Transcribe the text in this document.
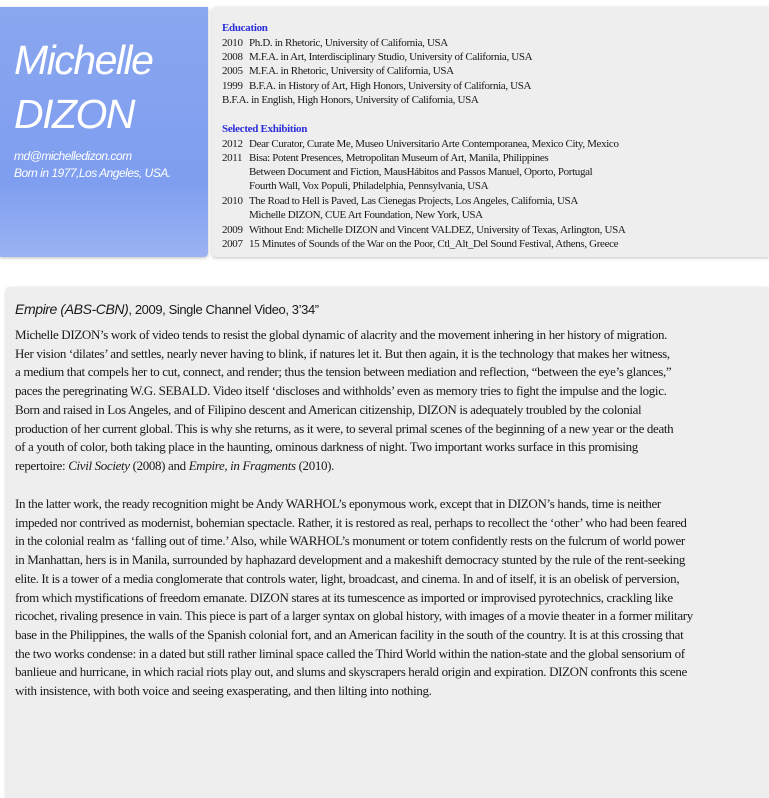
Michelle
DIZON
md@michelledizon.com
Born in 1977,Los Angeles, USA.
Education
2010 Ph.D. in Rhetoric, University of California, USA
2008 M.F.A. in Art, Interdisciplinary Studio, University of California, USA
2005 M.F.A. in Rhetoric, University of California, USA
1999 B.F.A. in History of Art, High Honors, University of California, USA
B.F.A. in English, High Honors, University of California, USA
Selected Exhibition
2012 Dear Curator, Curate Me, Museo Universitario Arte Contemporanea, Mexico City, Mexico
2011 Bisa: Potent Presences, Metropolitan Museum of Art, Manila, Philippines
Between Document and Fiction, MausHábitos and Passos Manuel, Oporto, Portugal
Fourth Wall, Vox Populi, Philadelphia, Pennsylvania, USA
2010 The Road to Hell is Paved, Las Cienegas Projects, Los Angeles, California, USA
Michelle DIZON, CUE Art Foundation, New York, USA
2009 Without End: Michelle DIZON and Vincent VALDEZ, University of Texas, Arlington, USA
2007 15 Minutes of Sounds of the War on the Poor, Ctl_Alt_Del Sound Festival, Athens, Greece
Empire (ABS-CBN), 2009, Single Channel Video, 3’34”

Michelle DIZON’s work of video tends to resist the global dynamic of alacrity and the movement inhering in her history of migration.
Her vision ‘dilates’ and settles, nearly never having to blink, if natures let it. But then again, it is the technology that makes her witness,
a medium that compels her to cut, connect, and render; thus the tension between mediation and reflection, “between the eye’s glances,”
paces the peregrinating W.G. SEBALD. Video itself ‘discloses and withholds’ even as memory tries to fight the impulse and the logic.
Born and raised in Los Angeles, and of Filipino descent and American citizenship, DIZON is adequately troubled by the colonial
production of her current global. This is why she returns, as it were, to several primal scenes of the beginning of a new year or the death
of a youth of color, both taking place in the haunting, ominous darkness of night. Two important works surface in this promising
repertoire: Civil Society (2008) and Empire, in Fragments (2010).

In the latter work, the ready recognition might be Andy WARHOL’s eponymous work, except that in DIZON’s hands, time is neither
impeded nor contrived as modernist, bohemian spectacle. Rather, it is restored as real, perhaps to recollect the ‘other’ who had been feared
in the colonial realm as ‘falling out of time.’ Also, while WARHOL’s monument or totem confidently rests on the fulcrum of world power
in Manhattan, hers is in Manila, surrounded by haphazard development and a makeshift democracy stunted by the rule of the rent-seeking
elite. It is a tower of a media conglomerate that controls water, light, broadcast, and cinema. In and of itself, it is an obelisk of perversion,
from which mystifications of freedom emanate. DIZON stares at its tumescence as imported or improvised pyrotechnics, crackling like
ricochet, rivaling presence in vain. This piece is part of a larger syntax on global history, with images of a movie theater in a former military
base in the Philippines, the walls of the Spanish colonial fort, and an American facility in the south of the country. It is at this crossing that
the two works condense: in a dated but still rather liminal space called the Third World within the nation-state and the global sensorium of
banlieue and hurricane, in which racial riots play out, and slums and skyscrapers herald origin and expiration. DIZON confronts this scene
with insistence, with both voice and seeing exasperating, and then lilting into nothing.
